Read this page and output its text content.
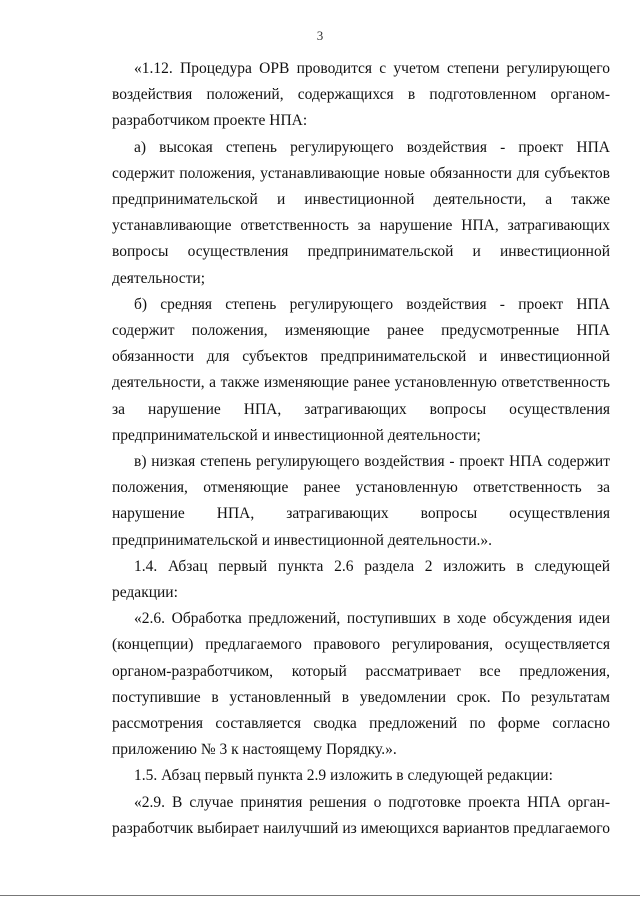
3

«1.12. Процедура ОРВ проводится с учетом степени регулирующего воздействия положений, содержащихся в подготовленном органом-разработчиком проекте НПА:

а) высокая степень регулирующего воздействия - проект НПА содержит положения, устанавливающие новые обязанности для субъектов предпринимательской и инвестиционной деятельности, а также устанавливающие ответственность за нарушение НПА, затрагивающих вопросы осуществления предпринимательской и инвестиционной деятельности;

б) средняя степень регулирующего воздействия - проект НПА содержит положения, изменяющие ранее предусмотренные НПА обязанности для субъектов предпринимательской и инвестиционной деятельности, а также изменяющие ранее установленную ответственность за нарушение НПА, затрагивающих вопросы осуществления предпринимательской и инвестиционной деятельности;

в) низкая степень регулирующего воздействия - проект НПА содержит положения, отменяющие ранее установленную ответственность за нарушение НПА, затрагивающих вопросы осуществления предпринимательской и инвестиционной деятельности.».

1.4. Абзац первый пункта 2.6 раздела 2 изложить в следующей редакции:

«2.6. Обработка предложений, поступивших в ходе обсуждения идеи (концепции) предлагаемого правового регулирования, осуществляется органом-разработчиком, который рассматривает все предложения, поступившие в установленный в уведомлении срок. По результатам рассмотрения составляется сводка предложений по форме согласно приложению № 3 к настоящему Порядку.».

1.5. Абзац первый пункта 2.9 изложить в следующей редакции:

«2.9. В случае принятия решения о подготовке проекта НПА орган-разработчик выбирает наилучший из имеющихся вариантов предлагаемого
